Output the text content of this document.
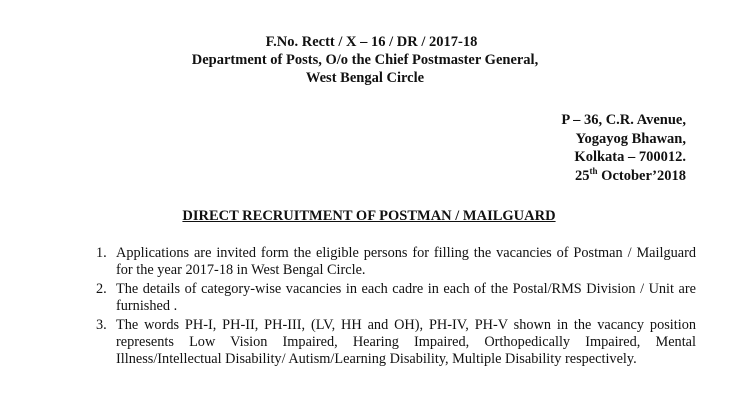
F.No. Rectt / X – 16 / DR / 2017-18
Department of Posts, O/o the Chief Postmaster General,
West Bengal Circle
P – 36, C.R. Avenue,
Yogayog Bhawan,
Kolkata – 700012.
25th October’2018
DIRECT RECRUITMENT OF POSTMAN / MAILGUARD
1. Applications are invited form the eligible persons for filling the vacancies of Postman / Mailguard for the year 2017-18 in West Bengal Circle.
2. The details of category-wise vacancies in each cadre in each of the Postal/RMS Division / Unit are furnished .
3. The words PH-I, PH-II, PH-III, (LV, HH and OH), PH-IV, PH-V shown in the vacancy position represents Low Vision Impaired, Hearing Impaired, Orthopedically Impaired, Mental Illness/Intellectual Disability/ Autism/Learning Disability, Multiple Disability respectively.
